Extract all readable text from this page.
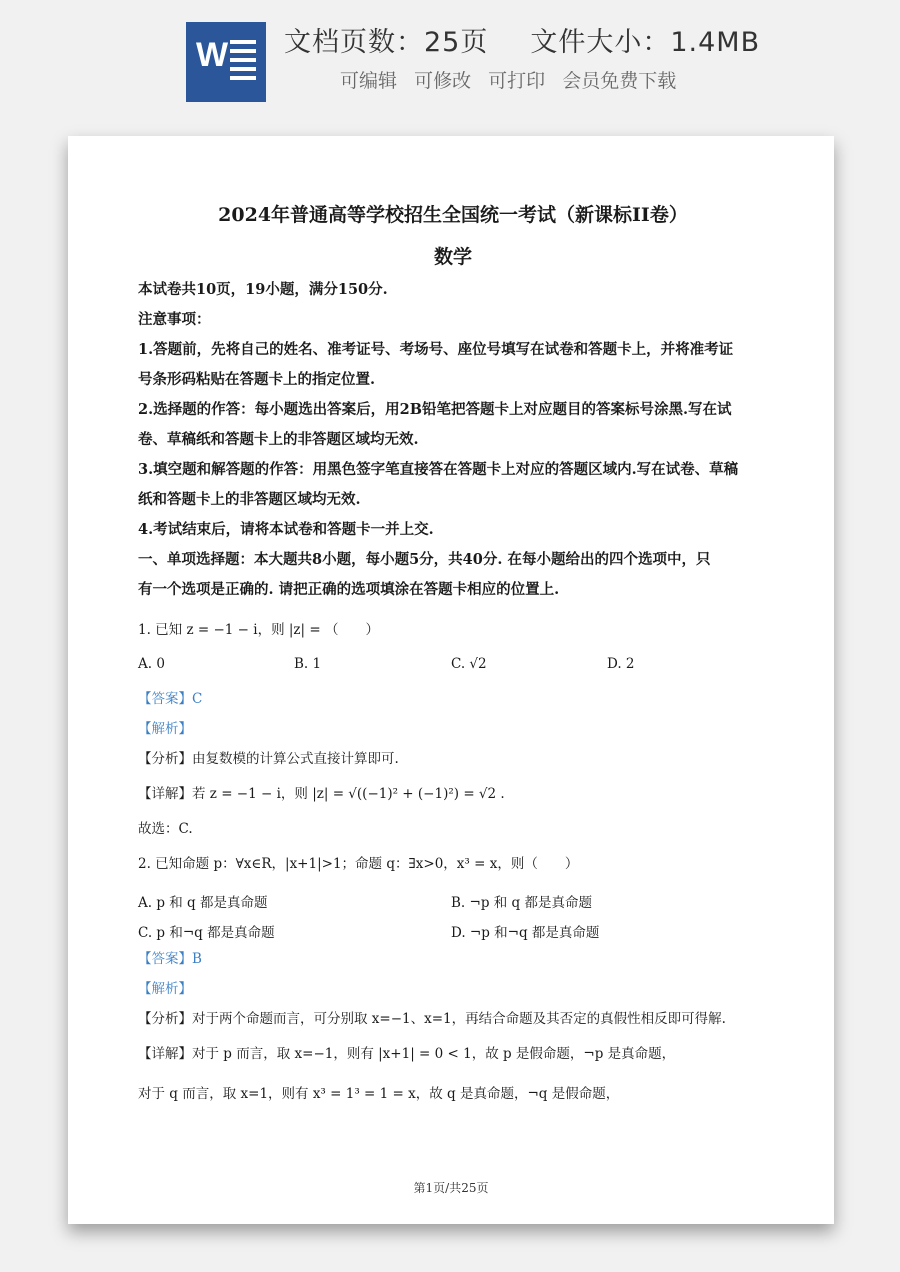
W 文档页数：25页 文件大小：1.4MB
可编辑 可修改 可打印 会员免费下载
2024年普通高等学校招生全国统一考试（新课标II卷）
数学
本试卷共10页，19小题，满分150分.
注意事项：
1.答题前，先将自己的姓名、准考证号、考场号、座位号填写在试卷和答题卡上，并将准考证
号条形码粘贴在答题卡上的指定位置.
2.选择题的作答：每小题选出答案后，用2B铅笔把答题卡上对应题目的答案标号涂黑.写在试
卷、草稿纸和答题卡上的非答题区域均无效.
3.填空题和解答题的作答：用黑色签字笔直接答在答题卡上对应的答题区域内.写在试卷、草稿
纸和答题卡上的非答题区域均无效.
4.考试结束后，请将本试卷和答题卡一并上交.
一、单项选择题：本大题共8小题，每小题5分，共40分. 在每小题给出的四个选项中，只
有一个选项是正确的. 请把正确的选项填涂在答题卡相应的位置上.
1. 已知 z = −1 − i，则 |z| = （　　）
A. 0	B. 1	C. √2	D. 2
【答案】C
【解析】
【分析】由复数模的计算公式直接计算即可.
【详解】若 z = −1 − i，则 |z| = √((−1)² + (−1)²) = √2 .
故选：C.
2. 已知命题 p：∀x∈R，|x+1|>1；命题 q：∃x>0，x³ = x，则（　　）
A. p 和 q 都是真命题	B. ¬p 和 q 都是真命题
C. p 和¬q 都是真命题	D. ¬p 和¬q 都是真命题
【答案】B
【解析】
【分析】对于两个命题而言，可分别取 x=−1、x=1，再结合命题及其否定的真假性相反即可得解.
【详解】对于 p 而言，取 x=−1，则有 |x+1| = 0 < 1，故 p 是假命题，¬p 是真命题，
对于 q 而言，取 x=1，则有 x³ = 1³ = 1 = x，故 q 是真命题，¬q 是假命题，
第1页/共25页
